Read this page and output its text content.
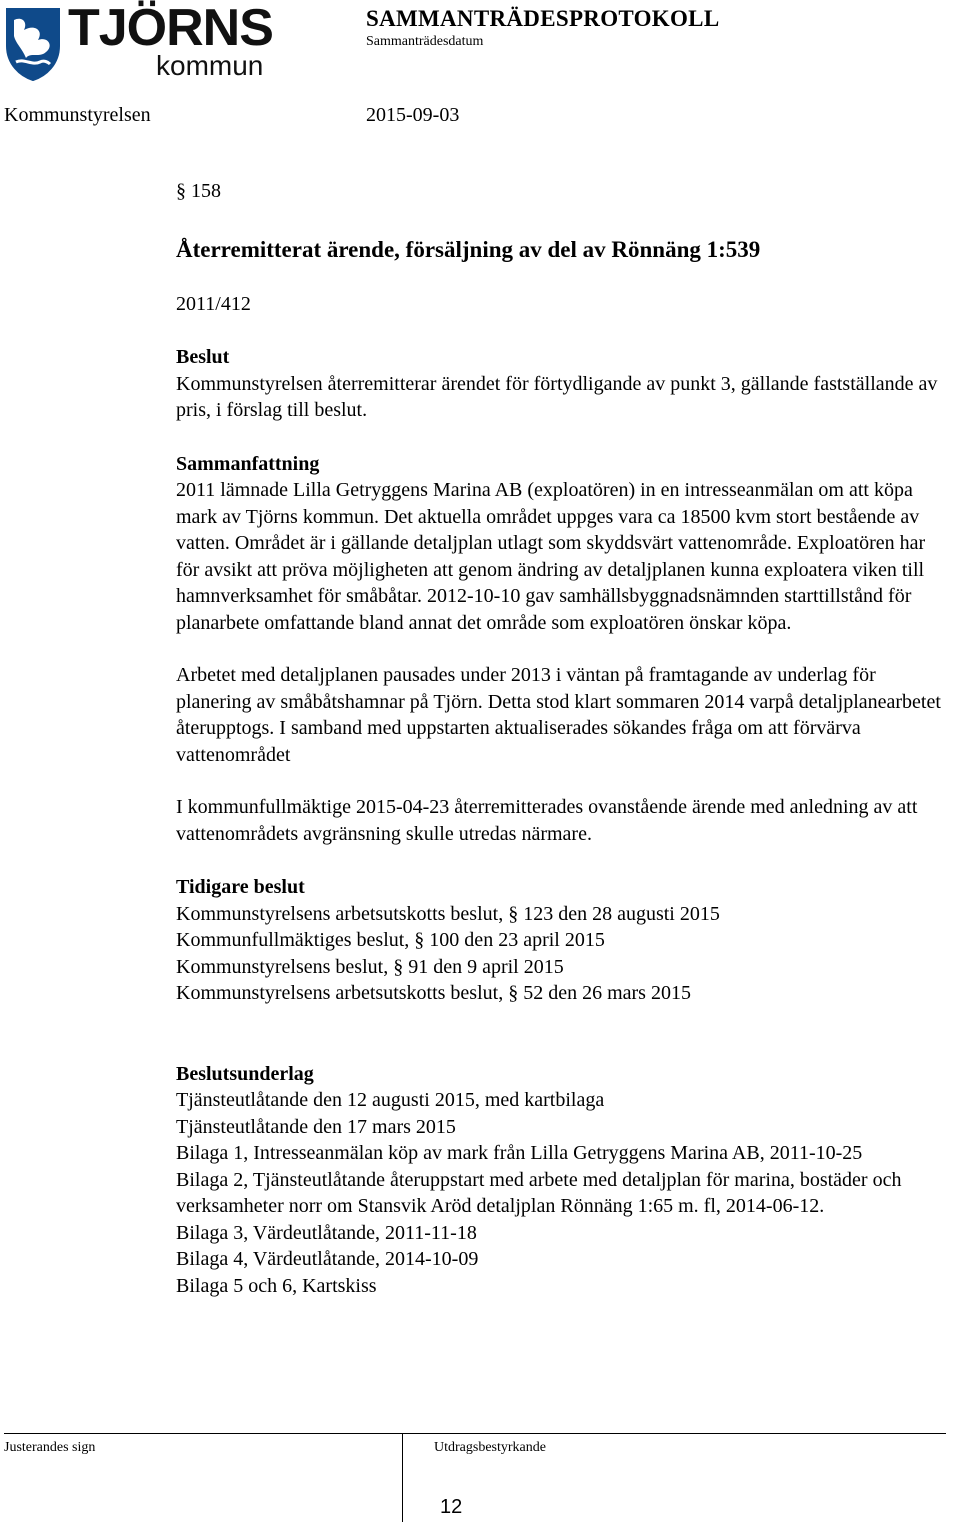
TJÖRNS
kommun
SAMMANTRÄDESPROTOKOLL
Sammanträdesdatum
Kommunstyrelsen	2015-09-03

§ 158

Återremitterat ärende, försäljning av del av Rönnäng 1:539

2011/412

Beslut

Kommunstyrelsen återremitterar ärendet för förtydligande av punkt 3, gällande fastställande av pris, i förslag till beslut.

Sammanfattning

2011 lämnade Lilla Getryggens Marina AB (exploatören) in en intresseanmälan om att köpa mark av Tjörns kommun. Det aktuella området uppges vara ca 18500 kvm stort bestående av vatten. Området är i gällande detaljplan utlagt som skyddsvärt vattenområde. Exploatören har för avsikt att pröva möjligheten att genom ändring av detaljplanen kunna exploatera viken till hamnverksamhet för småbåtar. 2012-10-10 gav samhällsbyggnadsnämnden starttillstånd för planarbete omfattande bland annat det område som exploatören önskar köpa.

Arbetet med detaljplanen pausades under 2013 i väntan på framtagande av underlag för planering av småbåtshamnar på Tjörn. Detta stod klart sommaren 2014 varpå detaljplanearbetet återupptogs. I samband med uppstarten aktualiserades sökandes fråga om att förvärva vattenområdet

I kommunfullmäktige 2015-04-23 återremitterades ovanstående ärende med anledning av att vattenområdets avgränsning skulle utredas närmare.

Tidigare beslut

Kommunstyrelsens arbetsutskotts beslut, § 123 den 28 augusti 2015

Kommunfullmäktiges beslut, § 100 den 23 april 2015

Kommunstyrelsens beslut, § 91 den 9 april 2015

Kommunstyrelsens arbetsutskotts beslut, § 52 den 26 mars 2015

Beslutsunderlag

Tjänsteutlåtande den 12 augusti 2015, med kartbilaga

Tjänsteutlåtande den 17 mars 2015

Bilaga 1, Intresseanmälan köp av mark från Lilla Getryggens Marina AB, 2011-10-25

Bilaga 2, Tjänsteutlåtande återuppstart med arbete med detaljplan för marina, bostäder och verksamheter norr om Stansvik Aröd detaljplan Rönnäng 1:65 m. fl, 2014-06-12.

Bilaga 3, Värdeutlåtande, 2011-11-18

Bilaga 4, Värdeutlåtande, 2014-10-09

Bilaga 5 och 6, Kartskiss

Justerandes sign	Utdragsbestyrkande
12
